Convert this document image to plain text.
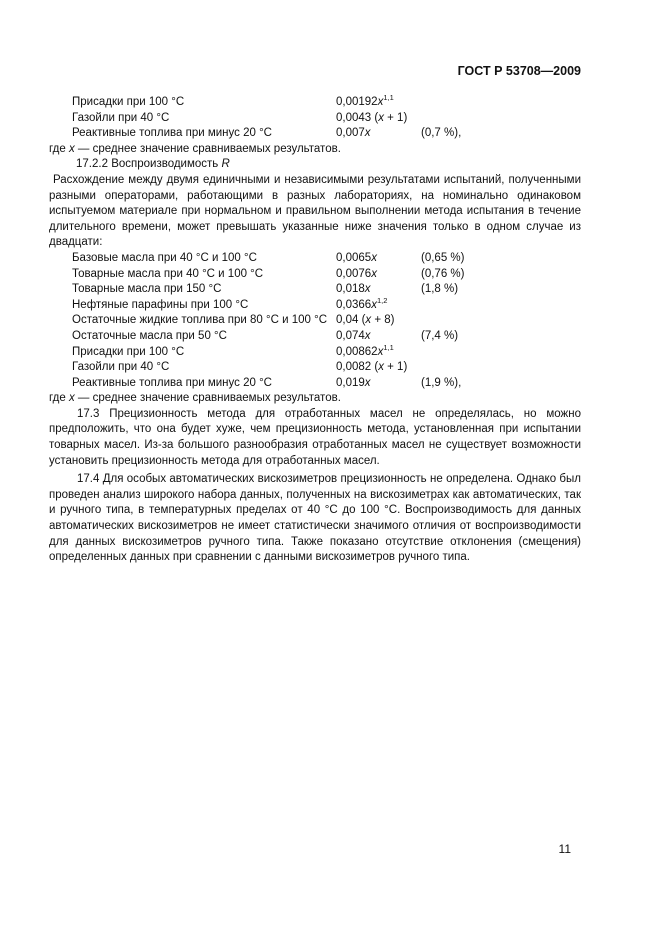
ГОСТ Р 53708—2009
Присадки при 100 °С	$0,00192x^{1,1}$
Газойли при 40 °С	0,0043 (x + 1)
Реактивные топлива при минус 20 °С	0,007x	(0,7 %),

где x — среднее значение сравниваемых результатов.

17.2.2 Воспроизводимость R

Расхождение между двумя единичными и независимыми результатами испытаний, полученными разными операторами, работающими в разных лабораториях, на номинально одинаковом испытуемом материале при нормальном и правильном выполнении метода испытания в течение длительного времени, может превышать указанные ниже значения только в одном случае из двадцати:

Базовые масла при 40 °С и 100 °С	0,0065x	(0,65 %)
Товарные масла при 40 °С и 100 °С	0,0076x	(0,76 %)
Товарные масла при 150 °С	0,018x	(1,8 %)
Нефтяные парафины при 100 °С	$0,0366x^{1,2}$
Остаточные жидкие топлива при 80 °С и 100 °С 0,04 (x + 8)
Остаточные масла при 50 °С	0,074x	(7,4 %)
Присадки при 100 °С	$0,00862x^{1,1}$
Газойли при 40 °С	0,0082 (x + 1)
Реактивные топлива при минус 20 °С	0,019x	(1,9 %),

где x — среднее значение сравниваемых результатов.

17.3 Прецизионность метода для отработанных масел не определялась, но можно предположить, что она будет хуже, чем прецизионность метода, установленная при испытании товарных масел. Из-за большого разнообразия отработанных масел не существует возможности установить прецизионность метода для отработанных масел.

17.4 Для особых автоматических вискозиметров прецизионность не определена. Однако был проведен анализ широкого набора данных, полученных на вискозиметрах как автоматических, так и ручного типа, в температурных пределах от 40 °С до 100 °С. Воспроизводимость для данных автоматических вискозиметров не имеет статистически значимого отличия от воспроизводимости для данных вискозиметров ручного типа. Также показано отсутствие отклонения (смещения) определенных данных при сравнении с данными вискозиметров ручного типа.

11
